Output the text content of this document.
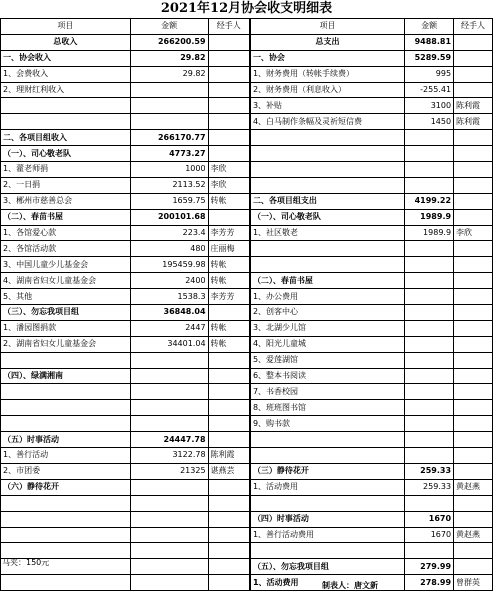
2021年12月协会收支明细表
项目	金额	经手人	项目	金额	经手人
总收入	266200.59		总支出	9488.81	
一、协会收入	29.82		一、协会	5289.59	
1、会费收入	29.82		1、财务费用（转帐手续费）	995	
2、理财红利收入			2、财务费用（利息收入）	-255.41	
			3、补贴	3100	陈利霞
			4、白马制作条幅及灵祈短信费	1450	陈利霞
二、各项目组收入	266170.77				
（一）、司心敬老队	4773.27				
1、藿老师捐	1000	李欣			
2、一日捐	2113.52	李欣			
3、郴州市慈善总会	1659.75	转帐	二、各项目组支出	4199.22	
（二）、春苗书屋	200101.68		（一）、司心敬老队	1989.9	
1、各馆爱心款	223.4	李芳芳	1、社区敬老	1989.9	李欣
2、各馆活动款	480	庄丽梅			
3、中国儿童少儿基金会	195459.98	转帐			
4、湖南省妇女儿童基金会	2400	转帐	（二）、春苗书屋		
5、其他	1538.3	李芳芳	1、办公费用		
（三）、勿忘我项目组	36848.04		2、创客中心		
1、潘园图捐款	2447	转帐	3、北湖少儿馆		
2、湖南省妇女儿童基金会	34401.04	转帐	4、阳光儿童城		
			5、爱莲湖馆		
（四）、绿满湘南			6、整本书阅读		
			7、书香校园		
			8、班班图书馆		
			9、购书款		
（五）时事活动	24447.78				
1、善行活动	3122.78	陈利霞			
2、市团委	21325	谌燕芸	（三）静待花开	259.33	
（六）静待花开			1、活动费用	259.33	黄赵燕

			（四）时事活动	1670	
			1、善行活动费用	1670	黄赵燕

			（五）、勿忘我项目组	279.99	
			1、活动费用	278.99	曾群英
马夹：150元
制表人：唐文新
